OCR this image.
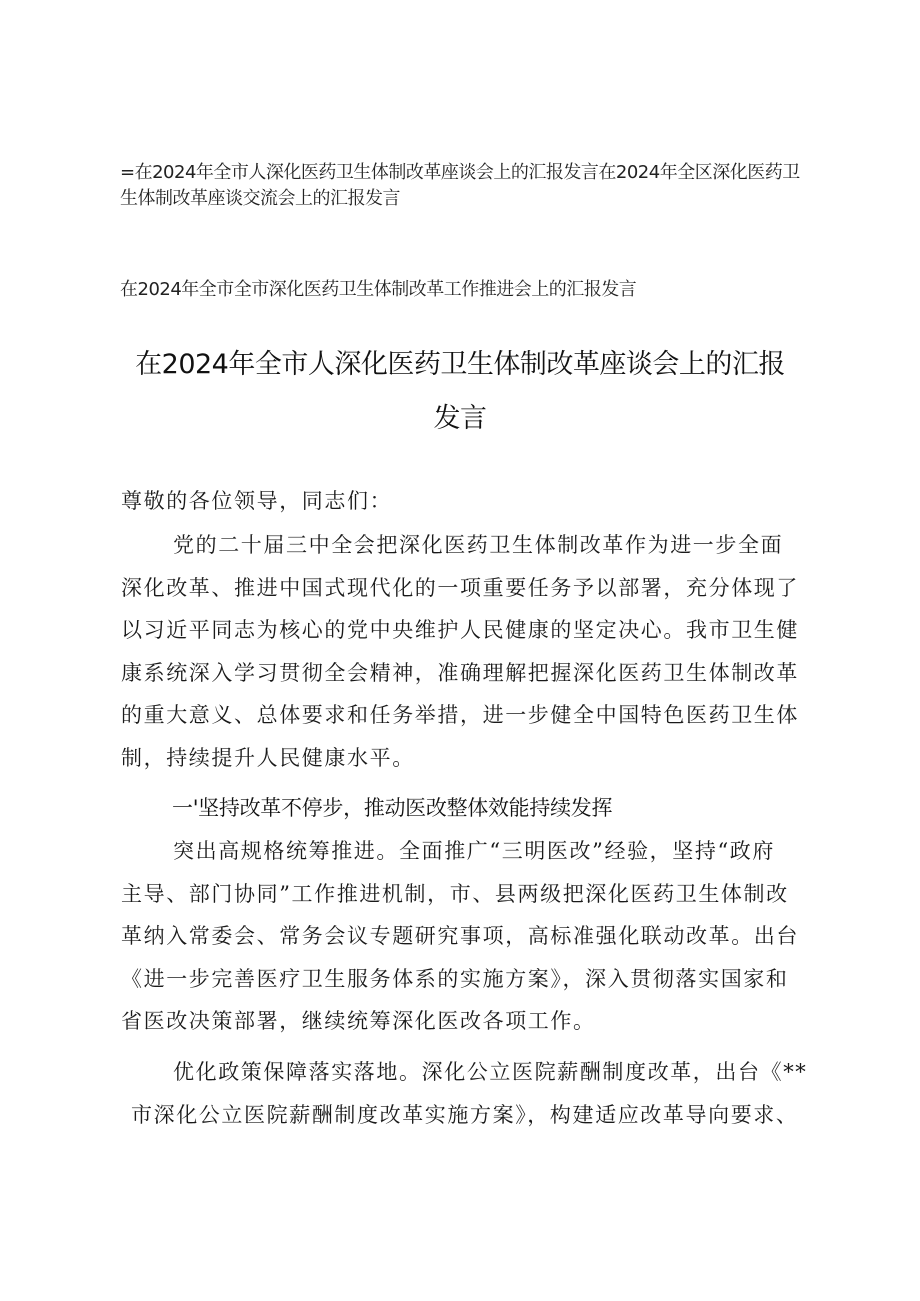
=在2024年全市人深化医药卫生体制改革座谈会上的汇报发言在2024年全区深化医药卫生体制改革座谈交流会上的汇报发言
在2024年全市全市深化医药卫生体制改革工作推进会上的汇报发言
在2024年全市人深化医药卫生体制改革座谈会上的汇报
发言
尊敬的各位领导，同志们：
党的二十届三中全会把深化医药卫生体制改革作为进一步全面
深化改革、推进中国式现代化的一项重要任务予以部署，充分体现了
以习近平同志为核心的党中央维护人民健康的坚定决心。我市卫生健
康系统深入学习贯彻全会精神，准确理解把握深化医药卫生体制改革
的重大意义、总体要求和任务举措，进一步健全中国特色医药卫生体
制，持续提升人民健康水平。
一'坚持改革不停步，推动医改整体效能持续发挥
突出高规格统筹推进。全面推广“三明医改”经验，坚持“政府
主导、部门协同”工作推进机制，市、县两级把深化医药卫生体制改
革纳入常委会、常务会议专题研究事项，高标准强化联动改革。出台
《进一步完善医疗卫生服务体系的实施方案》，深入贯彻落实国家和
省医改决策部署，继续统筹深化医改各项工作。
优化政策保障落实落地。深化公立医院薪酬制度改革，出台《**
市深化公立医院薪酬制度改革实施方案》，构建适应改革导向要求、
